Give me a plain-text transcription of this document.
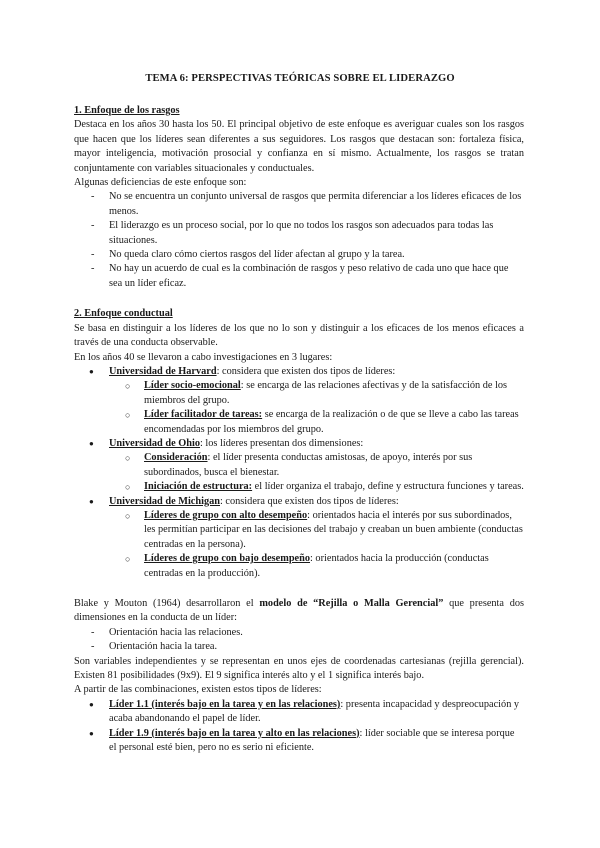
TEMA 6: PERSPECTIVAS TEÓRICAS SOBRE EL LIDERAZGO

1. Enfoque de los rasgos

Destaca en los años 30 hasta los 50. El principal objetivo de este enfoque es averiguar cuales son los rasgos que hacen que los líderes sean diferentes a sus seguidores. Los rasgos que destacan son: fortaleza física, mayor inteligencia, motivación prosocial y confianza en sí mismo. Actualmente, los rasgos se tratan conjuntamente con variables situacionales y conductuales.

Algunas deficiencias de este enfoque son:

- No se encuentra un conjunto universal de rasgos que permita diferenciar a los líderes eficaces de los menos.
- El liderazgo es un proceso social, por lo que no todos los rasgos son adecuados para todas las situaciones.
- No queda claro cómo ciertos rasgos del líder afectan al grupo y la tarea.
- No hay un acuerdo de cual es la combinación de rasgos y peso relativo de cada uno que hace que sea un líder eficaz.

2. Enfoque conductual

Se basa en distinguir a los líderes de los que no lo son y distinguir a los eficaces de los menos eficaces a través de una conducta observable.

En los años 40 se llevaron a cabo investigaciones en 3 lugares:

● Universidad de Harvard: considera que existen dos tipos de líderes:
○ Líder socio-emocional: se encarga de las relaciones afectivas y de la satisfacción de los miembros del grupo.
○ Líder facilitador de tareas: se encarga de la realización o de que se lleve a cabo las tareas encomendadas por los miembros del grupo.
● Universidad de Ohio: los líderes presentan dos dimensiones:
○ Consideración: el líder presenta conductas amistosas, de apoyo, interés por sus subordinados, busca el bienestar.
○ Iniciación de estructura: el líder organiza el trabajo, define y estructura funciones y tareas.
● Universidad de Michigan: considera que existen dos tipos de líderes:
○ Líderes de grupo con alto desempeño: orientados hacia el interés por sus subordinados, les permitían participar en las decisiones del trabajo y creaban un buen ambiente (conductas centradas en la persona).
○ Líderes de grupo con bajo desempeño: orientados hacia la producción (conductas centradas en la producción).

Blake y Mouton (1964) desarrollaron el modelo de “Rejilla o Malla Gerencial” que presenta dos dimensiones en la conducta de un líder:

- Orientación hacia las relaciones.
- Orientación hacia la tarea.

Son variables independientes y se representan en unos ejes de coordenadas cartesianas (rejilla gerencial). Existen 81 posibilidades (9x9). El 9 significa interés alto y el 1 significa interés bajo.

A partir de las combinaciones, existen estos tipos de líderes:

● Líder 1.1 (interés bajo en la tarea y en las relaciones): presenta incapacidad y despreocupación y acaba abandonando el papel de líder.
● Líder 1.9 (interés bajo en la tarea y alto en las relaciones): líder sociable que se interesa porque el personal esté bien, pero no es serio ni eficiente.
